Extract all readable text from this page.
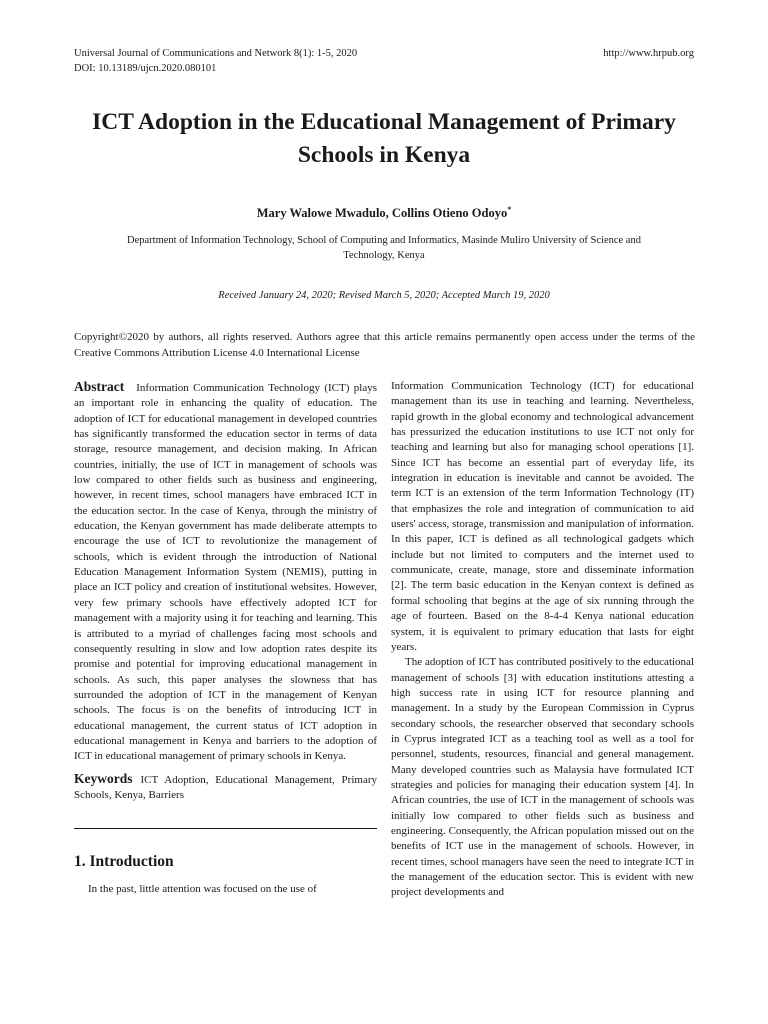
Universal Journal of Communications and Network 8(1): 1-5, 2020
DOI: 10.13189/ujcn.2020.080101
http://www.hrpub.org
ICT Adoption in the Educational Management of Primary Schools in Kenya
Mary Walowe Mwadulo, Collins Otieno Odoyo*
Department of Information Technology, School of Computing and Informatics, Masinde Muliro University of Science and Technology, Kenya
Received January 24, 2020; Revised March 5, 2020; Accepted March 19, 2020
Copyright©2020 by authors, all rights reserved. Authors agree that this article remains permanently open access under the terms of the Creative Commons Attribution License 4.0 International License

Abstract Information Communication Technology (ICT) plays an important role in enhancing the quality of education. The adoption of ICT for educational management in developed countries has significantly transformed the education sector in terms of data storage, resource management, and decision making. In African countries, initially, the use of ICT in management of schools was low compared to other fields such as business and engineering, however, in recent times, school managers have embraced ICT in the education sector. In the case of Kenya, through the ministry of education, the Kenyan government has made deliberate attempts to encourage the use of ICT to revolutionize the management of schools, which is evident through the introduction of National Education Management Information System (NEMIS), putting in place an ICT policy and creation of institutional websites. However, very few primary schools have effectively adopted ICT for management with a majority using it for teaching and learning. This is attributed to a myriad of challenges facing most schools and consequently resulting in slow and low adoption rates despite its promise and potential for improving educational management in schools. As such, this paper analyses the slowness that has surrounded the adoption of ICT in the management of Kenyan schools. The focus is on the benefits of introducing ICT in educational management, the current status of ICT adoption in educational management in Kenya and barriers to the adoption of ICT in educational management of primary schools in Kenya.

Keywords ICT Adoption, Educational Management, Primary Schools, Kenya, Barriers

1. Introduction

In the past, little attention was focused on the use of

Information Communication Technology (ICT) for educational management than its use in teaching and learning. Nevertheless, rapid growth in the global economy and technological advancement has pressurized the education institutions to use ICT not only for teaching and learning but also for managing school operations [1]. Since ICT has become an essential part of everyday life, its integration in education is inevitable and cannot be avoided. The term ICT is an extension of the term Information Technology (IT) that emphasizes the role and integration of communication to aid users' access, storage, transmission and manipulation of information. In this paper, ICT is defined as all technological gadgets which include but not limited to computers and the internet used to communicate, create, manage, store and disseminate information [2]. The term basic education in the Kenyan context is defined as formal schooling that begins at the age of six running through the age of fourteen. Based on the 8-4-4 Kenya national education system, it is equivalent to primary education that lasts for eight years.

The adoption of ICT has contributed positively to the educational management of schools [3] with education institutions attesting a high success rate in using ICT for resource planning and management. In a study by the European Commission in Cyprus secondary schools, the researcher observed that secondary schools in Cyprus integrated ICT as a teaching tool as well as a tool for personnel, students, resources, financial and general management. Many developed countries such as Malaysia have formulated ICT strategies and policies for managing their education system [4]. In African countries, the use of ICT in the management of schools was initially low compared to other fields such as business and engineering. Consequently, the African population missed out on the benefits of ICT use in the management of schools. However, in recent times, school managers have seen the need to integrate ICT in the management of the education sector. This is evident with new project developments and
